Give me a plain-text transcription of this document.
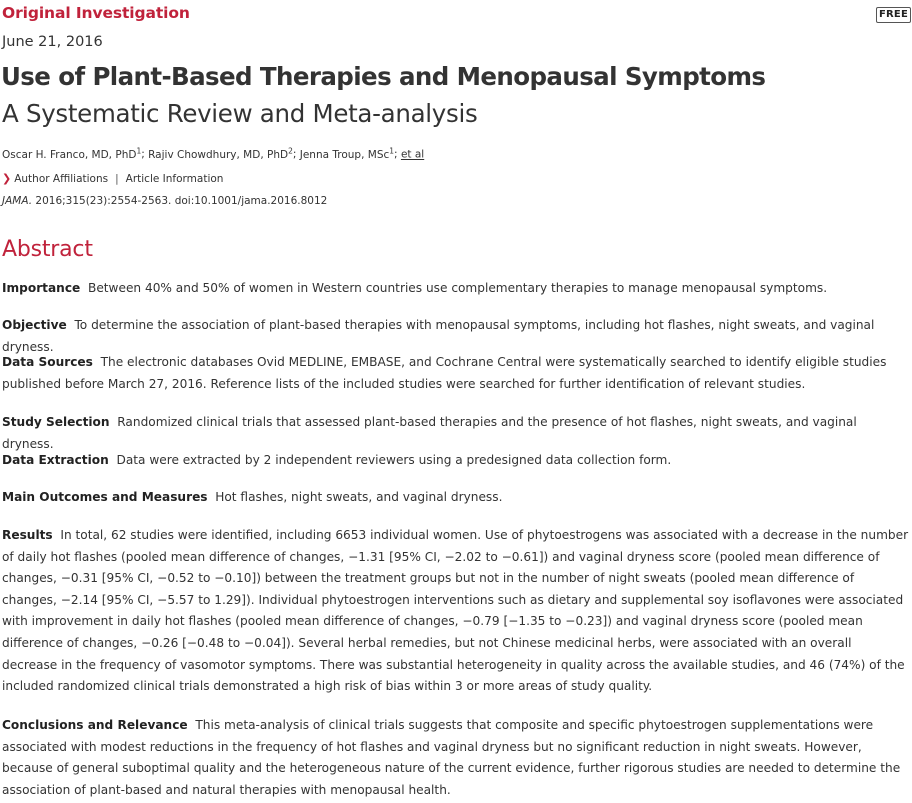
Original Investigation	FREE
June 21, 2016
Use of Plant-Based Therapies and Menopausal Symptoms
A Systematic Review and Meta-analysis
Oscar H. Franco, MD, PhD$^1$; Rajiv Chowdhury, MD, PhD$^2$; Jenna Troup, MSc$^1$; et al
❯ Author Affiliations | Article Information
JAMA. 2016;315(23):2554-2563. doi:10.1001/jama.2016.8012
Abstract

Importance Between 40% and 50% of women in Western countries use complementary therapies to manage menopausal symptoms.

Objective To determine the association of plant-based therapies with menopausal symptoms, including hot flashes, night sweats, and vaginal dryness.

Data Sources The electronic databases Ovid MEDLINE, EMBASE, and Cochrane Central were systematically searched to identify eligible studies published before March 27, 2016. Reference lists of the included studies were searched for further identification of relevant studies.

Study Selection Randomized clinical trials that assessed plant-based therapies and the presence of hot flashes, night sweats, and vaginal dryness.

Data Extraction Data were extracted by 2 independent reviewers using a predesigned data collection form.

Main Outcomes and Measures Hot flashes, night sweats, and vaginal dryness.

Results In total, 62 studies were identified, including 6653 individual women. Use of phytoestrogens was associated with a decrease in the number of daily hot flashes (pooled mean difference of changes, −1.31 [95% CI, −2.02 to −0.61]) and vaginal dryness score (pooled mean difference of changes, −0.31 [95% CI, −0.52 to −0.10]) between the treatment groups but not in the number of night sweats (pooled mean difference of changes, −2.14 [95% CI, −5.57 to 1.29]). Individual phytoestrogen interventions such as dietary and supplemental soy isoflavones were associated with improvement in daily hot flashes (pooled mean difference of changes, −0.79 [−1.35 to −0.23]) and vaginal dryness score (pooled mean difference of changes, −0.26 [−0.48 to −0.04]). Several herbal remedies, but not Chinese medicinal herbs, were associated with an overall decrease in the frequency of vasomotor symptoms. There was substantial heterogeneity in quality across the available studies, and 46 (74%) of the included randomized clinical trials demonstrated a high risk of bias within 3 or more areas of study quality.

Conclusions and Relevance This meta-analysis of clinical trials suggests that composite and specific phytoestrogen supplementations were associated with modest reductions in the frequency of hot flashes and vaginal dryness but no significant reduction in night sweats. However, because of general suboptimal quality and the heterogeneous nature of the current evidence, further rigorous studies are needed to determine the association of plant-based and natural therapies with menopausal health.
